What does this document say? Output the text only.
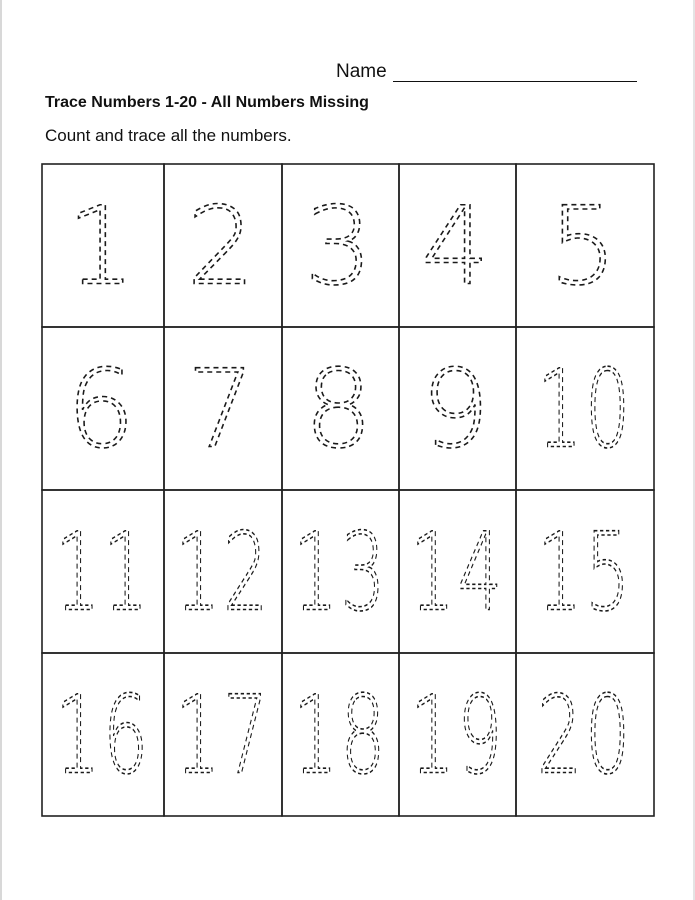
Name
Trace Numbers 1-20 - All Numbers Missing
Count and trace all the numbers.
1 2 3 4 5
6 7 8 9 10
11 12 13 14 15
16 17 18 19 20
